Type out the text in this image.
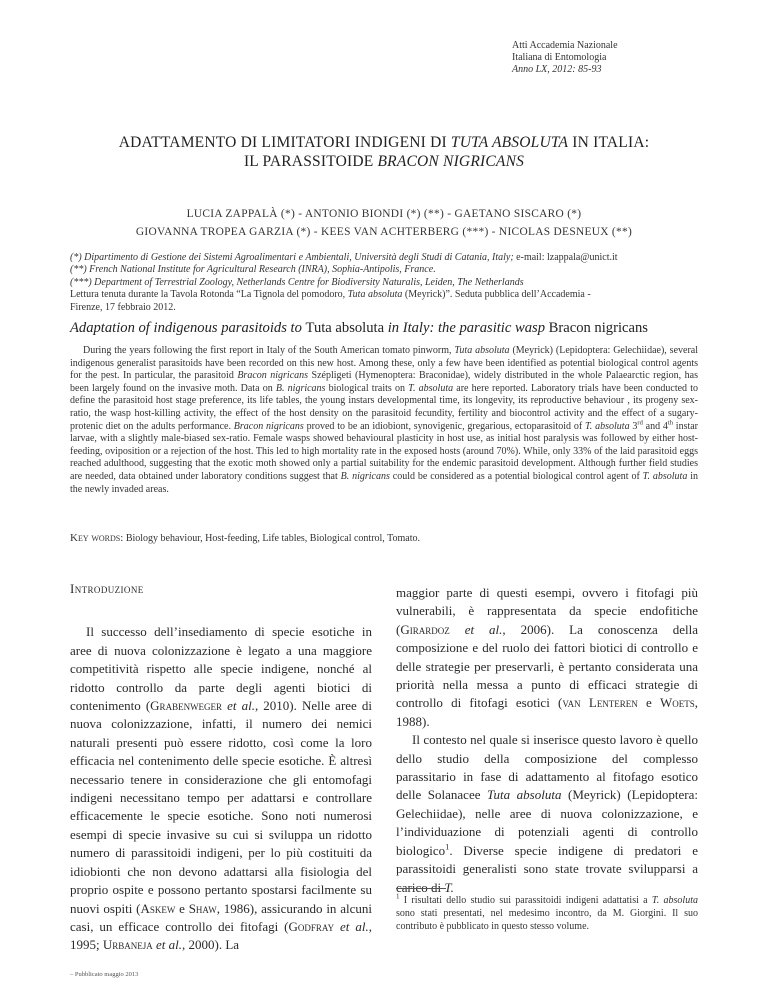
Atti Accademia Nazionale
Italiana di Entomologia
Anno LX, 2012: 85-93
ADATTAMENTO DI LIMITATORI INDIGENI DI TUTA ABSOLUTA IN ITALIA:
IL PARASSITOIDE BRACON NIGRICANS
LUCIA ZAPPALÀ (*) - ANTONIO BIONDI (*) (**) - GAETANO SISCARO (*)
GIOVANNA TROPEA GARZIA (*) - KEES VAN ACHTERBERG (***) - NICOLAS DESNEUX (**)
(*) Dipartimento di Gestione dei Sistemi Agroalimentari e Ambientali, Università degli Studi di Catania, Italy; e-mail: lzappala@unict.it
(**) French National Institute for Agricultural Research (INRA), Sophia-Antipolis, France.
(***) Department of Terrestrial Zoology, Netherlands Centre for Biodiversity Naturalis, Leiden, The Netherlands
Lettura tenuta durante la Tavola Rotonda “La Tignola del pomodoro, Tuta absoluta (Meyrick)”. Seduta pubblica dell’Accademia -
Firenze, 17 febbraio 2012.
Adaptation of indigenous parasitoids to Tuta absoluta in Italy: the parasitic wasp Bracon nigricans

During the years following the first report in Italy of the South American tomato pinworm, Tuta absoluta (Meyrick) (Lepidoptera: Gelechiidae), several indigenous generalist parasitoids have been recorded on this new host. Among these, only a few have been identified as potential biological control agents for the pest. In particular, the parasitoid Bracon nigricans Szépligeti (Hymenoptera: Braconidae), widely distributed in the whole Palaearctic region, has been largely found on the invasive moth. Data on B. nigricans biological traits on T. absoluta are here reported. Laboratory trials have been conducted to define the parasitoid host stage preference, its life tables, the young instars developmental time, its longevity, its reproductive behaviour , its progeny sex-ratio, the wasp host-killing activity, the effect of the host density on the parasitoid fecundity, fertility and biocontrol activity and the effect of a sugary-protenic diet on the adults performance. Bracon nigricans proved to be an idiobiont, synovigenic, gregarious, ectoparasitoid of T. absoluta 3rd and 4th instar larvae, with a slightly male-biased sex-ratio. Female wasps showed behavioural plasticity in host use, as initial host paralysis was followed by either host-feeding, oviposition or a rejection of the host. This led to high mortality rate in the exposed hosts (around 70%). While, only 33% of the laid parasitoid eggs reached adulthood, suggesting that the exotic moth showed only a partial suitability for the endemic parasitoid development. Although further field studies are needed, data obtained under laboratory conditions suggest that B. nigricans could be considered as a potential biological control agent of T. absoluta in the newly invaded areas.

Key words: Biology behaviour, Host-feeding, Life tables, Biological control, Tomato.

Introduzione

Il successo dell’insediamento di specie esotiche in aree di nuova colonizzazione è legato a una maggiore competitività rispetto alle specie indigene, nonché al ridotto controllo da parte degli agenti biotici di contenimento (Grabenweger et al., 2010). Nelle aree di nuova colonizzazione, infatti, il numero dei nemici naturali presenti può essere ridotto, così come la loro efficacia nel contenimento delle specie esotiche. È altresì necessario tenere in considerazione che gli entomofagi indigeni necessitano tempo per adattarsi e controllare efficacemente le specie esotiche. Sono noti numerosi esempi di specie invasive su cui si sviluppa un ridotto numero di parassitoidi indigeni, per lo più costituiti da idiobionti che non devono adattarsi alla fisiologia del proprio ospite e possono pertanto spostarsi facilmente su nuovi ospiti (Askew e Shaw, 1986), assicurando in alcuni casi, un efficace controllo dei fitofagi (Godfray et al., 1995; Urbaneja et al., 2000). La

maggior parte di questi esempi, ovvero i fitofagi più vulnerabili, è rappresentata da specie endofitiche (Girardoz et al., 2006). La conoscenza della composizione e del ruolo dei fattori biotici di controllo e delle strategie per preservarli, è pertanto considerata una priorità nella messa a punto di efficaci strategie di controllo di fitofagi esotici (van Lenteren e Woets, 1988).

Il contesto nel quale si inserisce questo lavoro è quello dello studio della composizione del complesso parassitario in fase di adattamento al fitofago esotico delle Solanacee Tuta absoluta (Meyrick) (Lepidoptera: Gelechiidae), nelle aree di nuova colonizzazione, e l’individuazione di potenziali agenti di controllo biologico$^1$. Diverse specie indigene di predatori e parassitoidi generalisti sono state trovate svilupparsi a carico di T.

$^1$ I risultati dello studio sui parassitoidi indigeni adattatisi a T. absoluta sono stati presentati, nel medesimo incontro, da M. Giorgini. Il suo contributo è pubblicato in questo stesso volume.
– Pubblicato maggio 2013
